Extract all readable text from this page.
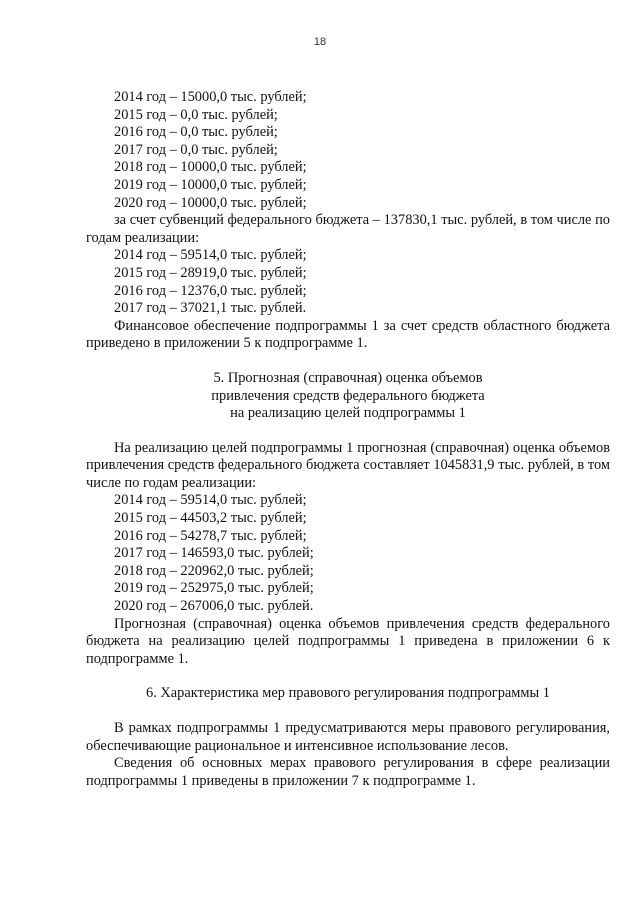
18
2014 год – 15000,0 тыс. рублей;
2015 год – 0,0 тыс. рублей;
2016 год – 0,0 тыс. рублей;
2017 год – 0,0 тыс. рублей;
2018 год – 10000,0 тыс. рублей;
2019 год – 10000,0 тыс. рублей;
2020 год – 10000,0 тыс. рублей;
за счет субвенций федерального бюджета – 137830,1 тыс. рублей, в том числе по годам реализации:
2014 год – 59514,0 тыс. рублей;
2015 год – 28919,0 тыс. рублей;
2016 год – 12376,0 тыс. рублей;
2017 год – 37021,1 тыс. рублей.
Финансовое обеспечение подпрограммы 1 за счет средств областного бюджета приведено в приложении 5 к подпрограмме 1.
5. Прогнозная (справочная) оценка объемов
привлечения средств федерального бюджета
на реализацию целей подпрограммы 1
На реализацию целей подпрограммы 1 прогнозная (справочная) оценка объемов привлечения средств федерального бюджета составляет 1045831,9 тыс. рублей, в том числе по годам реализации:
2014 год – 59514,0 тыс. рублей;
2015 год – 44503,2 тыс. рублей;
2016 год – 54278,7 тыс. рублей;
2017 год – 146593,0 тыс. рублей;
2018 год – 220962,0 тыс. рублей;
2019 год – 252975,0 тыс. рублей;
2020 год – 267006,0 тыс. рублей.
Прогнозная (справочная) оценка объемов привлечения средств федерального бюджета на реализацию целей подпрограммы 1 приведена в приложении 6 к подпрограмме 1.
6. Характеристика мер правового регулирования подпрограммы 1
В рамках подпрограммы 1 предусматриваются меры правового регулирования, обеспечивающие рациональное и интенсивное использование лесов.
Сведения об основных мерах правового регулирования в сфере реализации подпрограммы 1 приведены в приложении 7 к подпрограмме 1.
